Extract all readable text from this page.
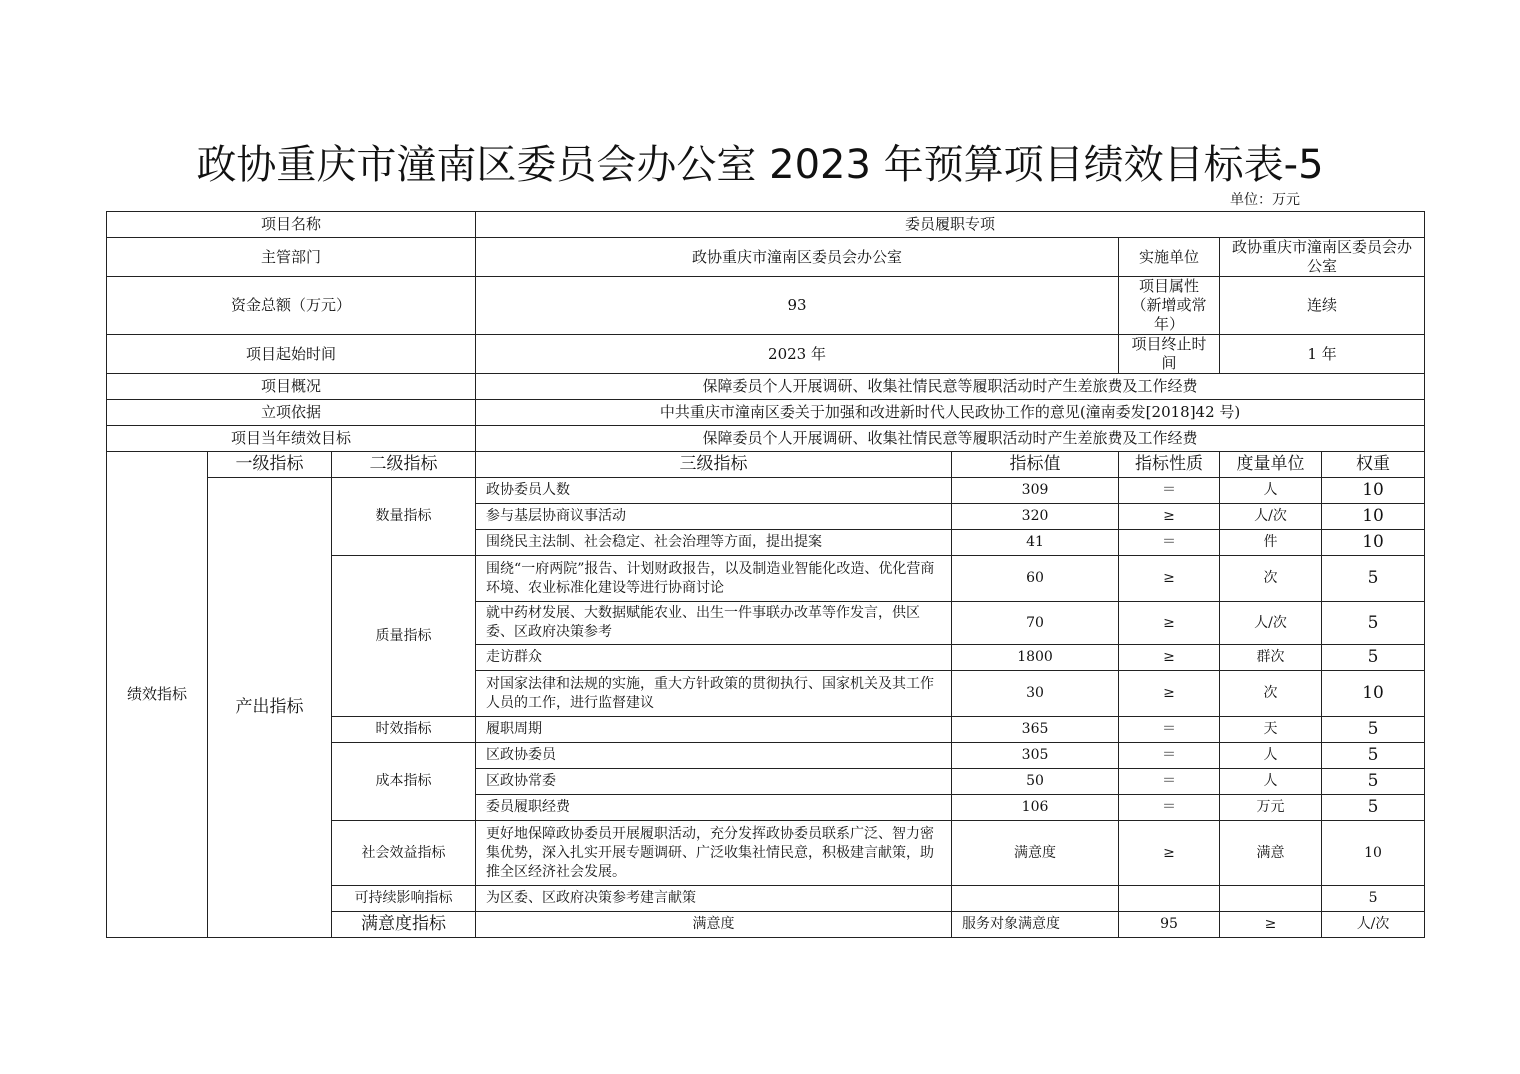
政协重庆市潼南区委员会办公室 2023 年预算项目绩效目标表-5
单位：万元
项目名称			委员履职专项					
主管部门			政协重庆市潼南区委员会办公室		实施单位	政协重庆市潼南区委员会办公室		
资金总额（万元）			93		项目属性（新增或常年）	连续		
项目起始时间			2023 年		项目终止时间	1 年		
项目概况			保障委员个人开展调研、收集社情民意等履职活动时产生差旅费及工作经费					
立项依据			中共重庆市潼南区委关于加强和改进新时代人民政协工作的意见(潼南委发[2018]42 号)					
项目当年绩效目标			保障委员个人开展调研、收集社情民意等履职活动时产生差旅费及工作经费					
绩效指标	一级指标	二级指标	三级指标	指标值	指标性质	度量单位	权重	
	产出指标	数量指标	政协委员人数	309	＝	人	10	
			参与基层协商议事活动	320	≥	人/次	10	
			围绕民主法制、社会稳定、社会治理等方面，提出提案	41	＝	件	10	
		质量指标	围绕“一府两院”报告、计划财政报告，以及制造业智能化改造、优化营商环境、农业标准化建设等进行协商讨论	60	≥	次	5	
			就中药材发展、大数据赋能农业、出生一件事联办改革等作发言，供区委、区政府决策参考	70	≥	人/次	5	
			走访群众	1800	≥	群次	5	
			对国家法律和法规的实施，重大方针政策的贯彻执行、国家机关及其工作人员的工作，进行监督建议	30	≥	次	10	
		时效指标	履职周期	365	＝	天	5	
		成本指标	区政协委员	305	＝	人	5	
			区政协常委	50	＝	人	5	
			委员履职经费	106	＝	万元	5	
		社会效益指标	更好地保障政协委员开展履职活动，充分发挥政协委员联系广泛、智力密集优势，深入扎实开展专题调研、广泛收集社情民意，积极建言献策，助推全区经济社会发展。	满意度	≥	满意	10	
		可持续影响指标	为区委、区政府决策参考建言献策				5	
		满意度指标	满意度	服务对象满意度	95	≥	人/次	
